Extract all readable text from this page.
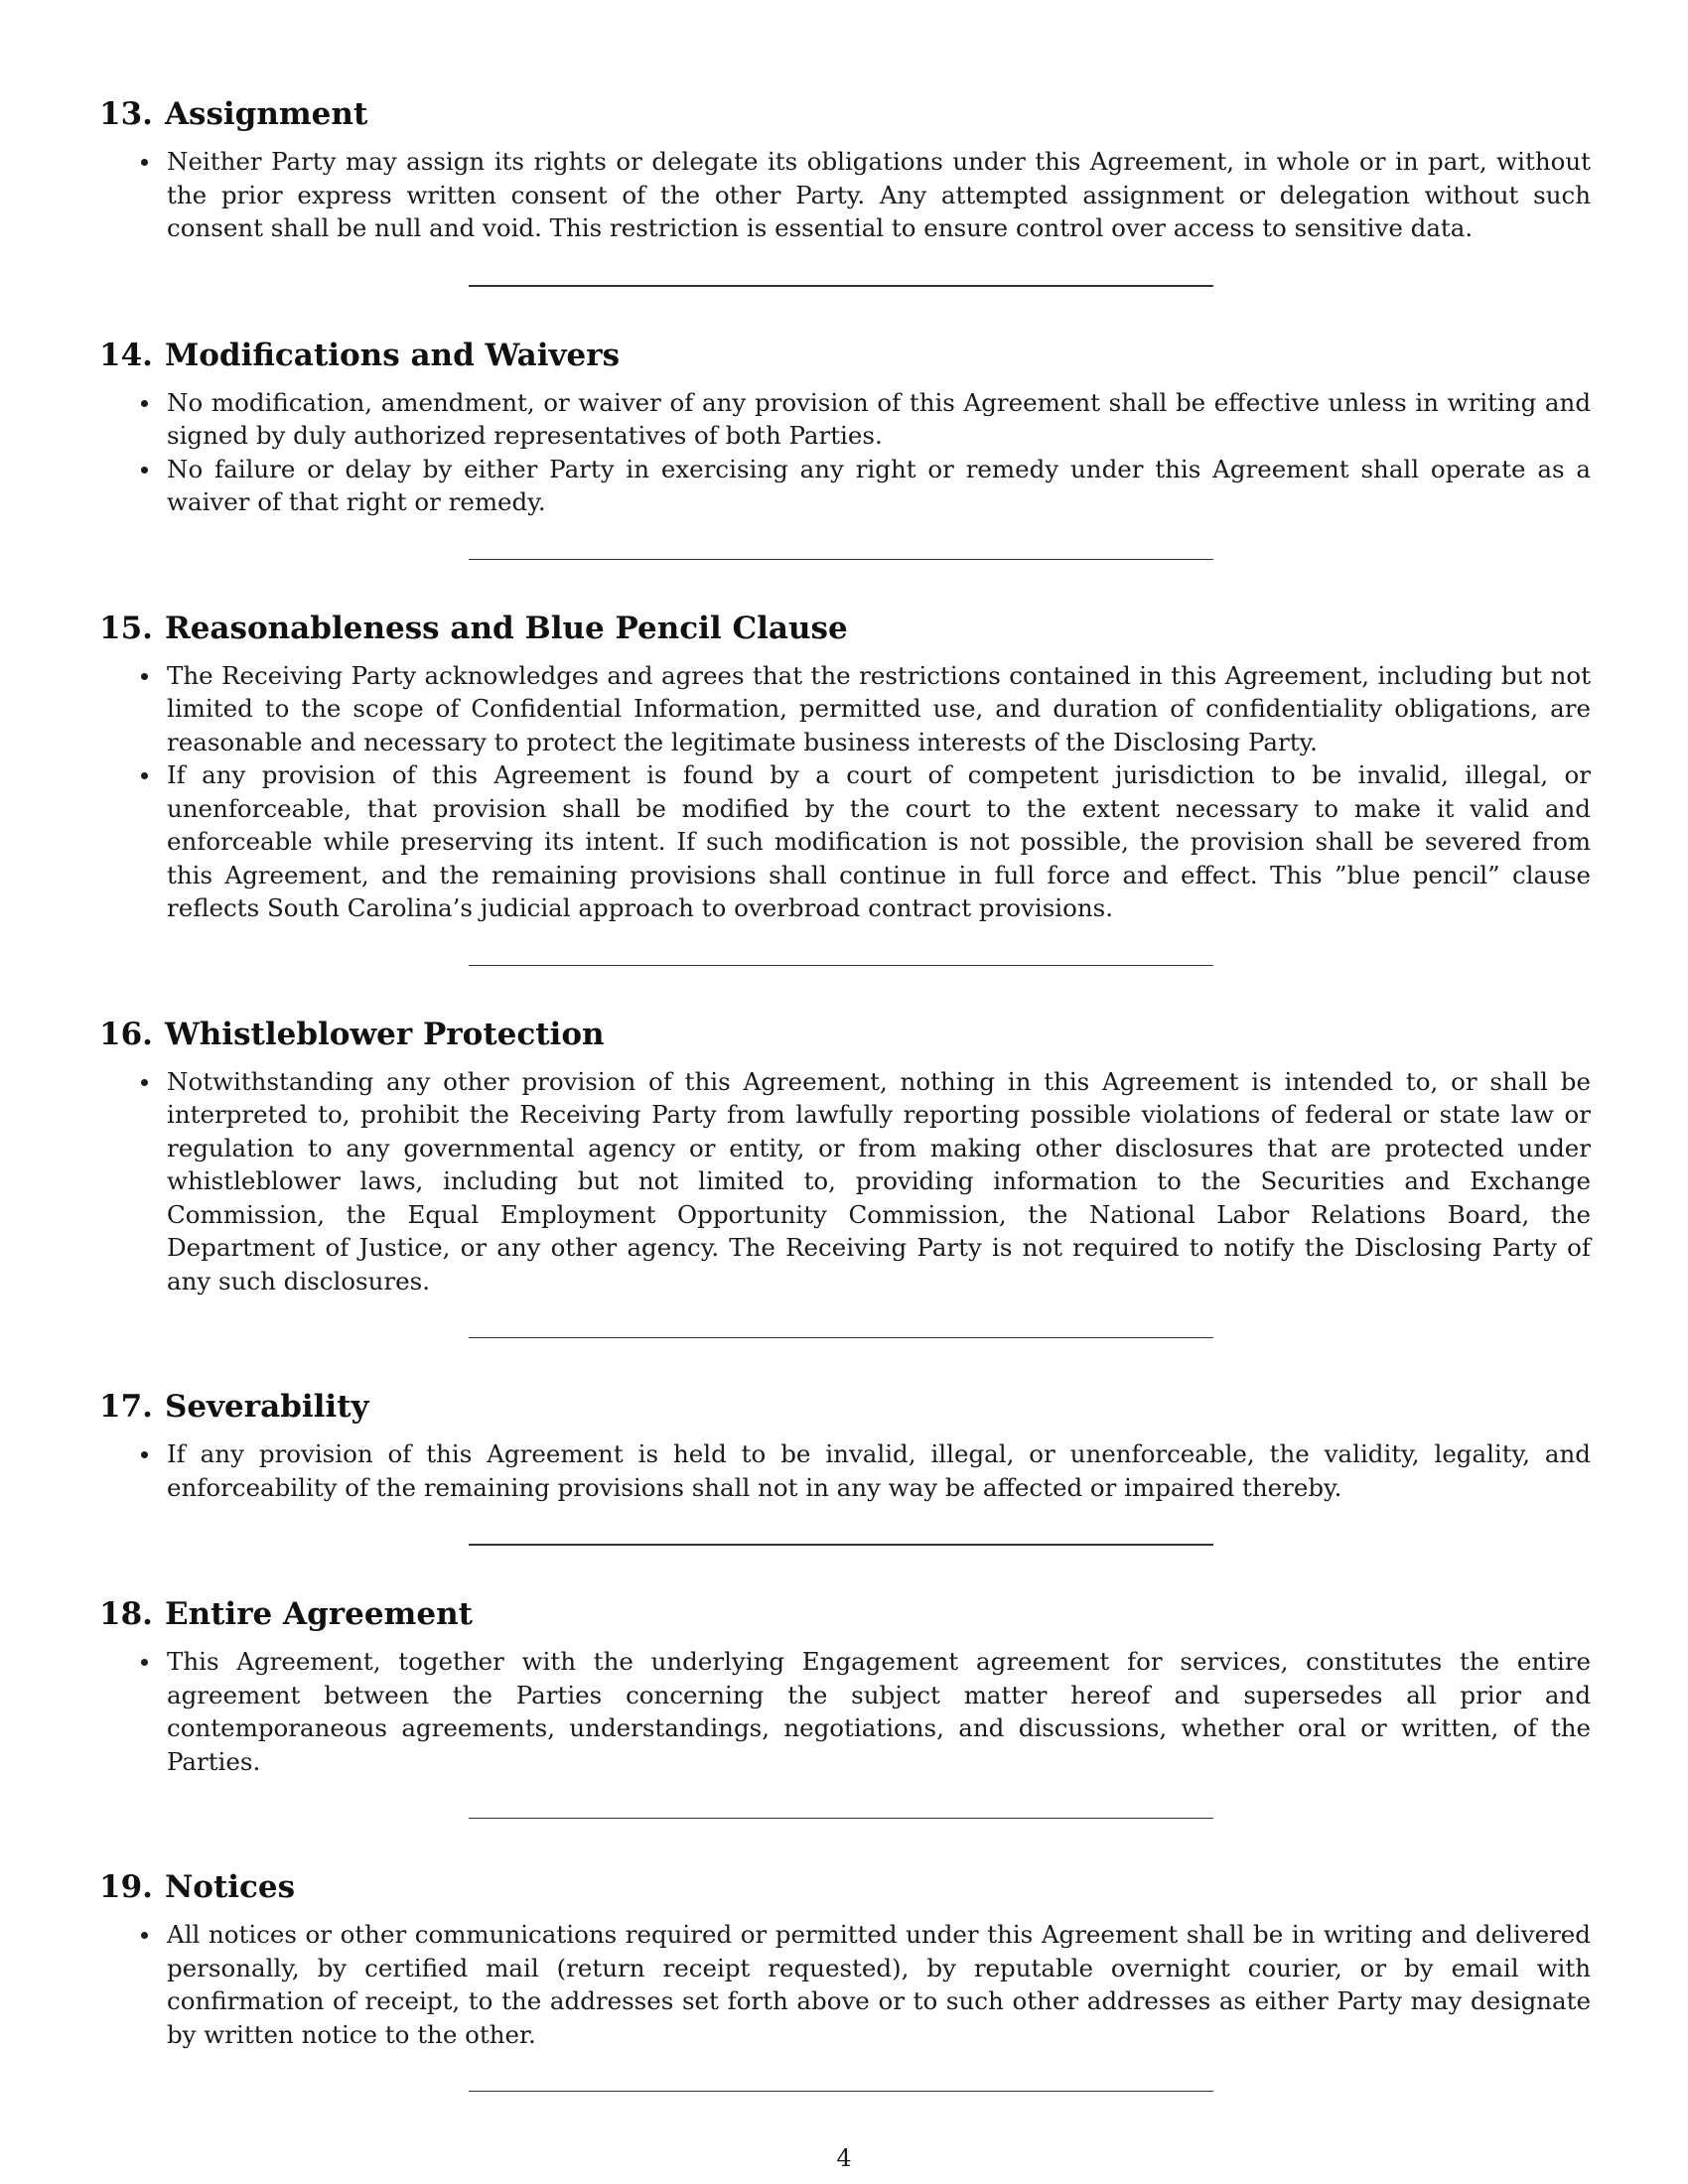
13. Assignment
Neither Party may assign its rights or delegate its obligations under this Agreement, in whole or in part, without the prior express written consent of the other Party. Any attempted assignment or delegation without such consent shall be null and void. This restriction is essential to ensure control over access to sensitive data.
14. Modifications and Waivers
No modification, amendment, or waiver of any provision of this Agreement shall be effective unless in writing and signed by duly authorized representatives of both Parties.
No failure or delay by either Party in exercising any right or remedy under this Agreement shall operate as a waiver of that right or remedy.
15. Reasonableness and Blue Pencil Clause
The Receiving Party acknowledges and agrees that the restrictions contained in this Agreement, including but not limited to the scope of Confidential Information, permitted use, and duration of confidentiality obligations, are reasonable and necessary to protect the legitimate business interests of the Disclosing Party.
If any provision of this Agreement is found by a court of competent jurisdiction to be invalid, illegal, or unenforceable, that provision shall be modified by the court to the extent necessary to make it valid and enforceable while preserving its intent. If such modification is not possible, the provision shall be severed from this Agreement, and the remaining provisions shall continue in full force and effect. This ”blue pencil” clause reflects South Carolina’s judicial approach to overbroad contract provisions.
16. Whistleblower Protection
Notwithstanding any other provision of this Agreement, nothing in this Agreement is intended to, or shall be interpreted to, prohibit the Receiving Party from lawfully reporting possible violations of federal or state law or regulation to any governmental agency or entity, or from making other disclosures that are protected under whistleblower laws, including but not limited to, providing information to the Securities and Exchange Commission, the Equal Employment Opportunity Commission, the National Labor Relations Board, the Department of Justice, or any other agency. The Receiving Party is not required to notify the Disclosing Party of any such disclosures.
17. Severability
If any provision of this Agreement is held to be invalid, illegal, or unenforceable, the validity, legality, and enforceability of the remaining provisions shall not in any way be affected or impaired thereby.
18. Entire Agreement
This Agreement, together with the underlying Engagement agreement for services, constitutes the entire agreement between the Parties concerning the subject matter hereof and supersedes all prior and contemporaneous agreements, understandings, negotiations, and discussions, whether oral or written, of the Parties.
19. Notices
All notices or other communications required or permitted under this Agreement shall be in writing and delivered personally, by certified mail (return receipt requested), by reputable overnight courier, or by email with confirmation of receipt, to the addresses set forth above or to such other addresses as either Party may designate by written notice to the other.
4
